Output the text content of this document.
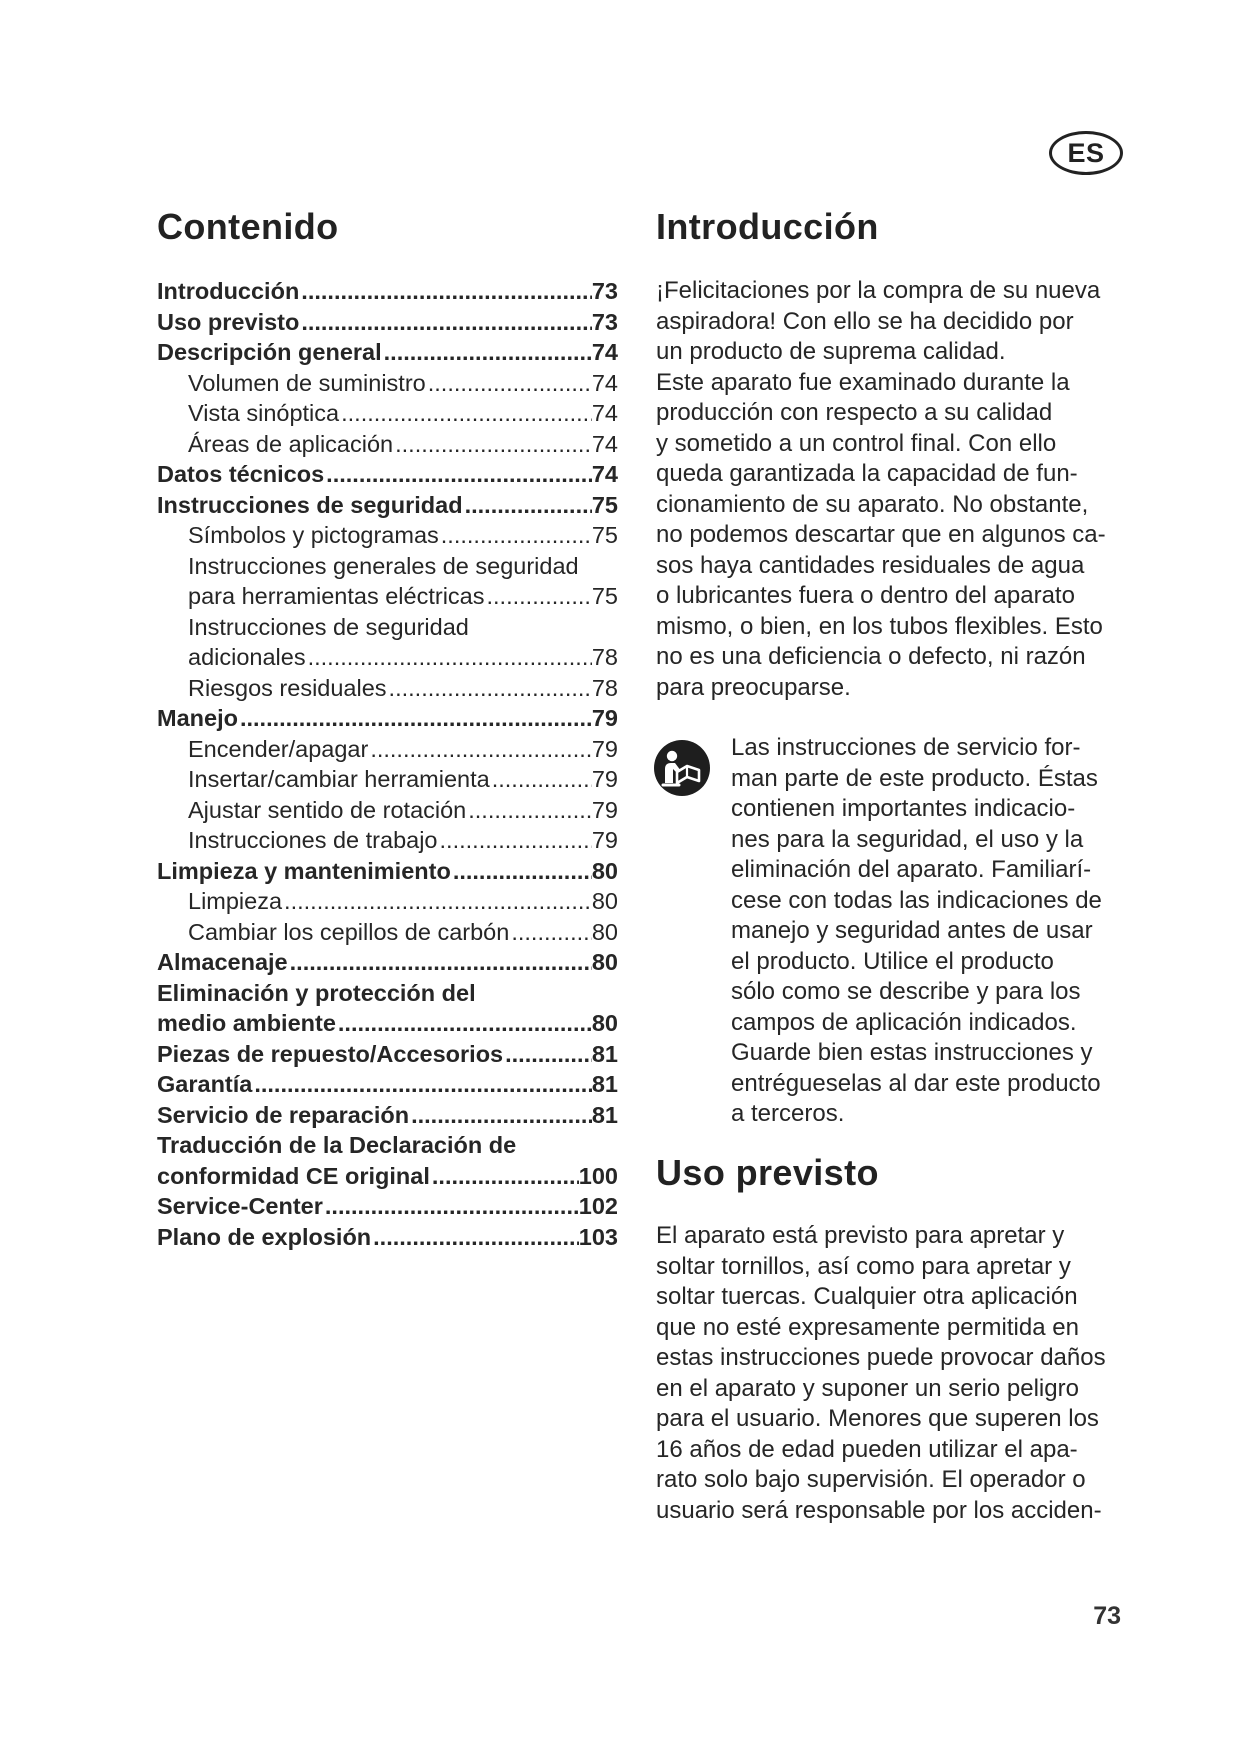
ES
Contenido
Introducción .....	73
Uso previsto .....	73
Descripción general .....	74
Volumen de suministro .....	74
Vista sinóptica .....	74
Áreas de aplicación .....	74
Datos técnicos .....	74
Instrucciones de seguridad .....	75
Símbolos y pictogramas .....	75
Instrucciones generales de seguridad
para herramientas eléctricas .....	75
Instrucciones de seguridad
adicionales .....	78
Riesgos residuales .....	78
Manejo .....	79
Encender/apagar .....	79
Insertar/cambiar herramienta .....	79
Ajustar sentido de rotación .....	79
Instrucciones de trabajo .....	79
Limpieza y mantenimiento .....	80
Limpieza .....	80
Cambiar los cepillos de carbón .....	80
Almacenaje .....	80
Eliminación y protección del
medio ambiente .....	80
Piezas de repuesto/Accesorios .....	81
Garantía .....	81
Servicio de reparación .....	81
Traducción de la Declaración de
conformidad CE original .....	100
Service-Center .....	102
Plano de explosión .....	103
Introducción
¡Felicitaciones por la compra de su nueva
aspiradora! Con ello se ha decidido por
un producto de suprema calidad.
Este aparato fue examinado durante la
producción con respecto a su calidad
y sometido a un control final. Con ello
queda garantizada la capacidad de fun-
cionamiento de su aparato. No obstante,
no podemos descartar que en algunos ca-
sos haya cantidades residuales de agua
o lubricantes fuera o dentro del aparato
mismo, o bien, en los tubos flexibles. Esto
no es una deficiencia o defecto, ni razón
para preocuparse.
Las instrucciones de servicio for-
man parte de este producto. Éstas
contienen importantes indicacio-
nes para la seguridad, el uso y la
eliminación del aparato. Familiarí-
cese con todas las indicaciones de
manejo y seguridad antes de usar
el producto. Utilice el producto
sólo como se describe y para los
campos de aplicación indicados.
Guarde bien estas instrucciones y
entrégueselas al dar este producto
a terceros.
Uso previsto
El aparato está previsto para apretar y
soltar tornillos, así como para apretar y
soltar tuercas. Cualquier otra aplicación
que no esté expresamente permitida en
estas instrucciones puede provocar daños
en el aparato y suponer un serio peligro
para el usuario. Menores que superen los
16 años de edad pueden utilizar el apa-
rato solo bajo supervisión. El operador o
usuario será responsable por los acciden-
73
